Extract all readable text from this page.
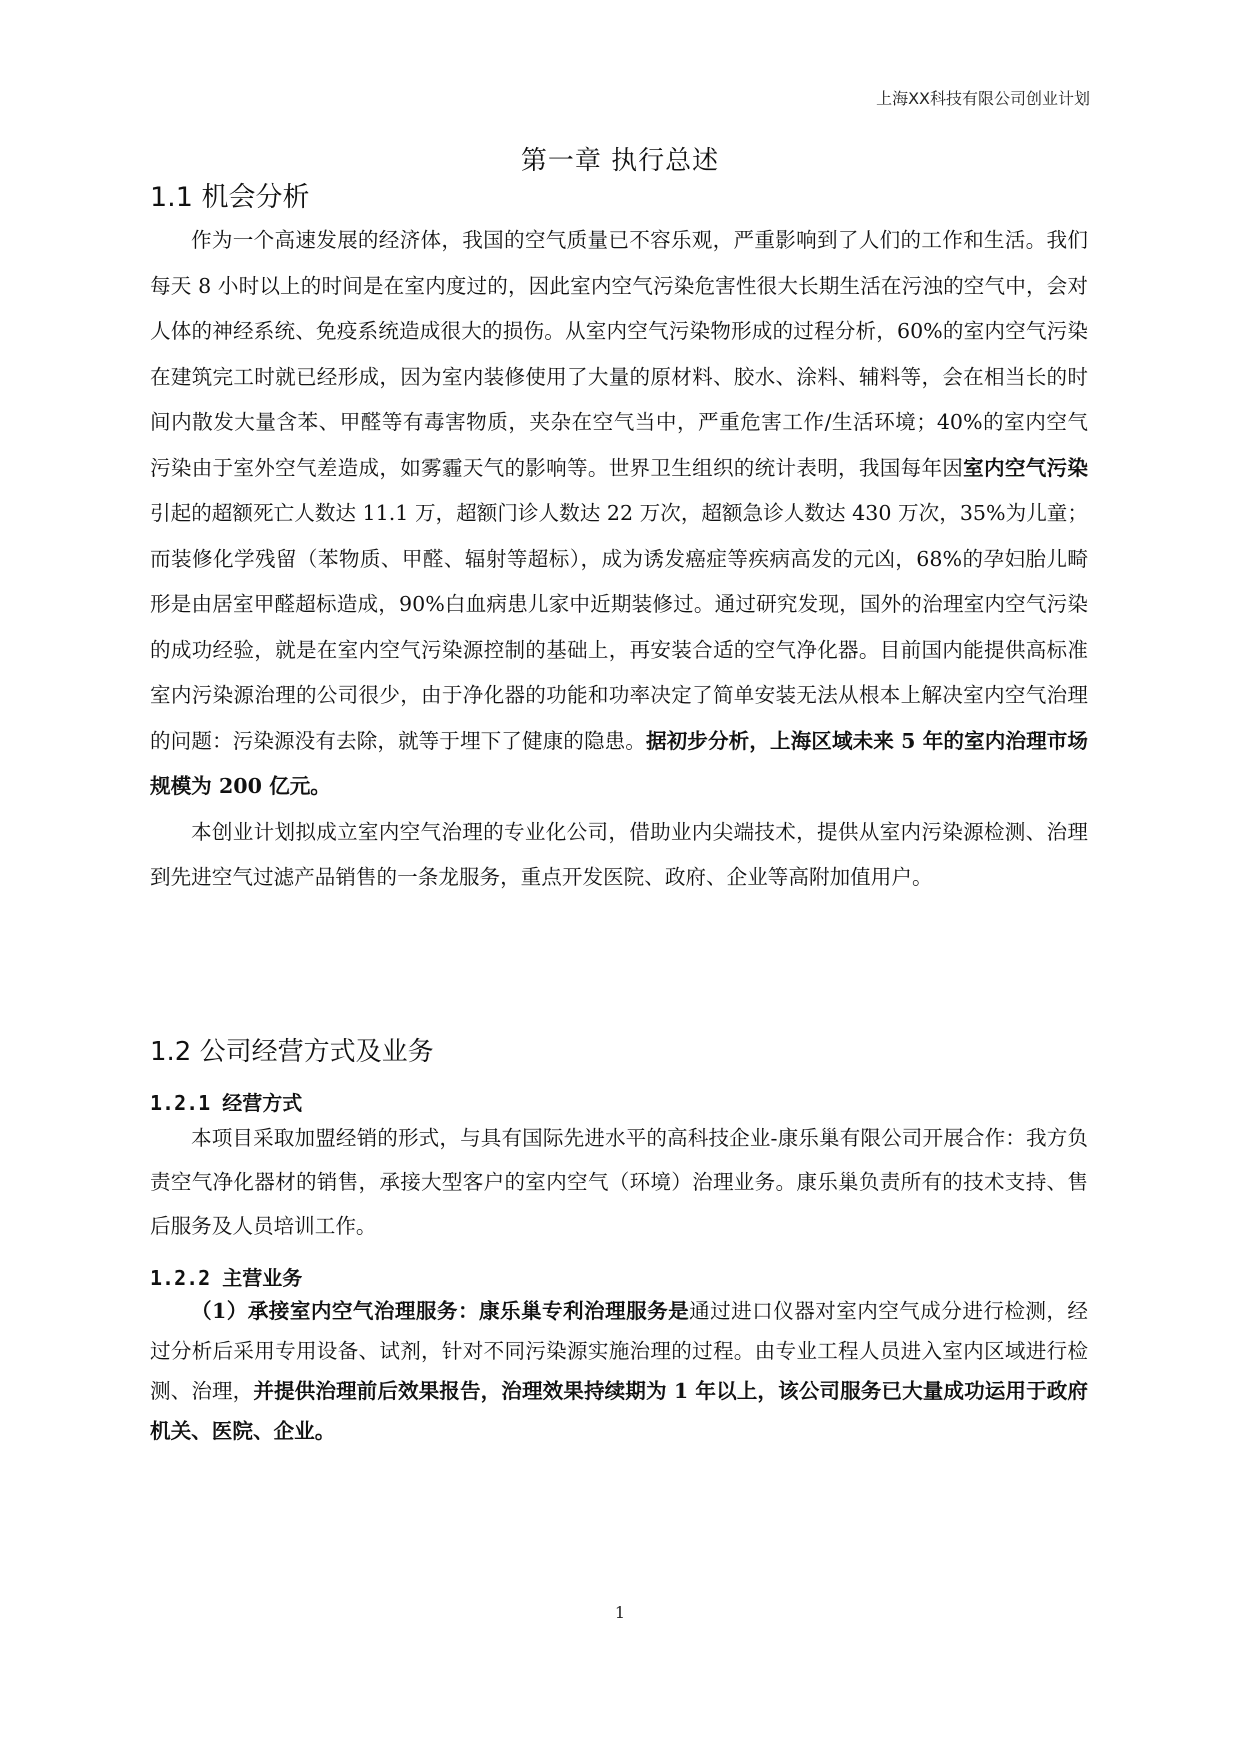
上海XX科技有限公司创业计划
第一章 执行总述
1.1 机会分析

作为一个高速发展的经济体，我国的空气质量已不容乐观，严重影响到了人们的工作和生活。我们每天 8 小时以上的时间是在室内度过的，因此室内空气污染危害性很大长期生活在污浊的空气中，会对人体的神经系统、免疫系统造成很大的损伤。从室内空气污染物形成的过程分析，60%的室内空气污染在建筑完工时就已经形成，因为室内装修使用了大量的原材料、胶水、涂料、辅料等，会在相当长的时间内散发大量含苯、甲醛等有毒害物质，夹杂在空气当中，严重危害工作/生活环境；40%的室内空气污染由于室外空气差造成，如雾霾天气的影响等。世界卫生组织的统计表明，我国每年因室内空气污染引起的超额死亡人数达 11.1 万，超额门诊人数达 22 万次，超额急诊人数达 430 万次，35%为儿童；而装修化学残留（苯物质、甲醛、辐射等超标），成为诱发癌症等疾病高发的元凶，68%的孕妇胎儿畸形是由居室甲醛超标造成，90%白血病患儿家中近期装修过。通过研究发现，国外的治理室内空气污染的成功经验，就是在室内空气污染源控制的基础上，再安装合适的空气净化器。目前国内能提供高标准室内污染源治理的公司很少，由于净化器的功能和功率决定了简单安装无法从根本上解决室内空气治理的问题：污染源没有去除，就等于埋下了健康的隐患。据初步分析，上海区域未来 5 年的室内治理市场规模为 200 亿元。

本创业计划拟成立室内空气治理的专业化公司，借助业内尖端技术，提供从室内污染源检测、治理到先进空气过滤产品销售的一条龙服务，重点开发医院、政府、企业等高附加值用户。

1.2 公司经营方式及业务
1.2.1 经营方式

本项目采取加盟经销的形式，与具有国际先进水平的高科技企业-康乐巢有限公司开展合作：我方负责空气净化器材的销售，承接大型客户的室内空气（环境）治理业务。康乐巢负责所有的技术支持、售后服务及人员培训工作。

1.2.2 主营业务

（1）承接室内空气治理服务：康乐巢专利治理服务是通过进口仪器对室内空气成分进行检测，经过分析后采用专用设备、试剂，针对不同污染源实施治理的过程。由专业工程人员进入室内区域进行检测、治理，并提供治理前后效果报告，治理效果持续期为 1 年以上，该公司服务已大量成功运用于政府机关、医院、企业。

1
